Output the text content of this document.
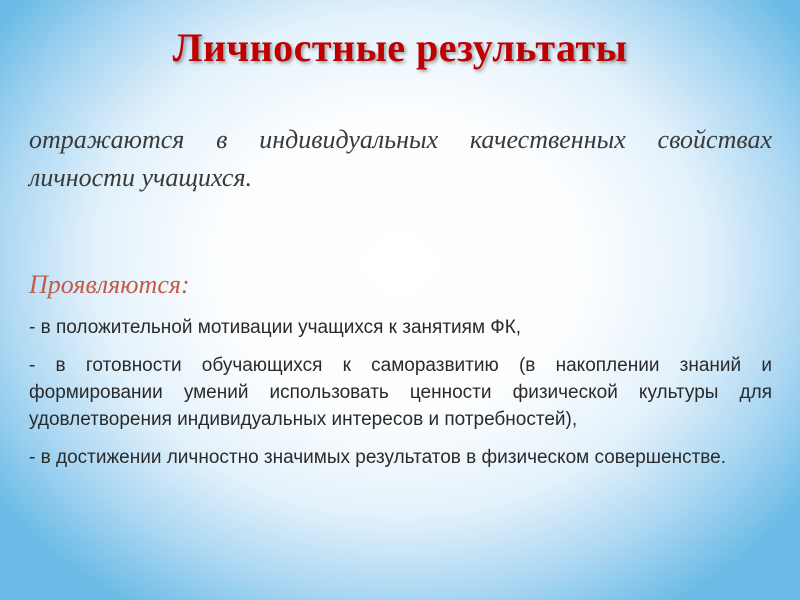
Личностные результаты
отражаются в индивидуальных качественных свойствах личности учащихся.
Проявляются:
- в положительной мотивации учащихся к занятиям ФК,
- в готовности обучающихся к саморазвитию (в накоплении знаний и формировании умений использовать ценности физической культуры для удовлетворения индивидуальных интересов и потребностей),
- в достижении личностно значимых результатов в физическом совершенстве.
